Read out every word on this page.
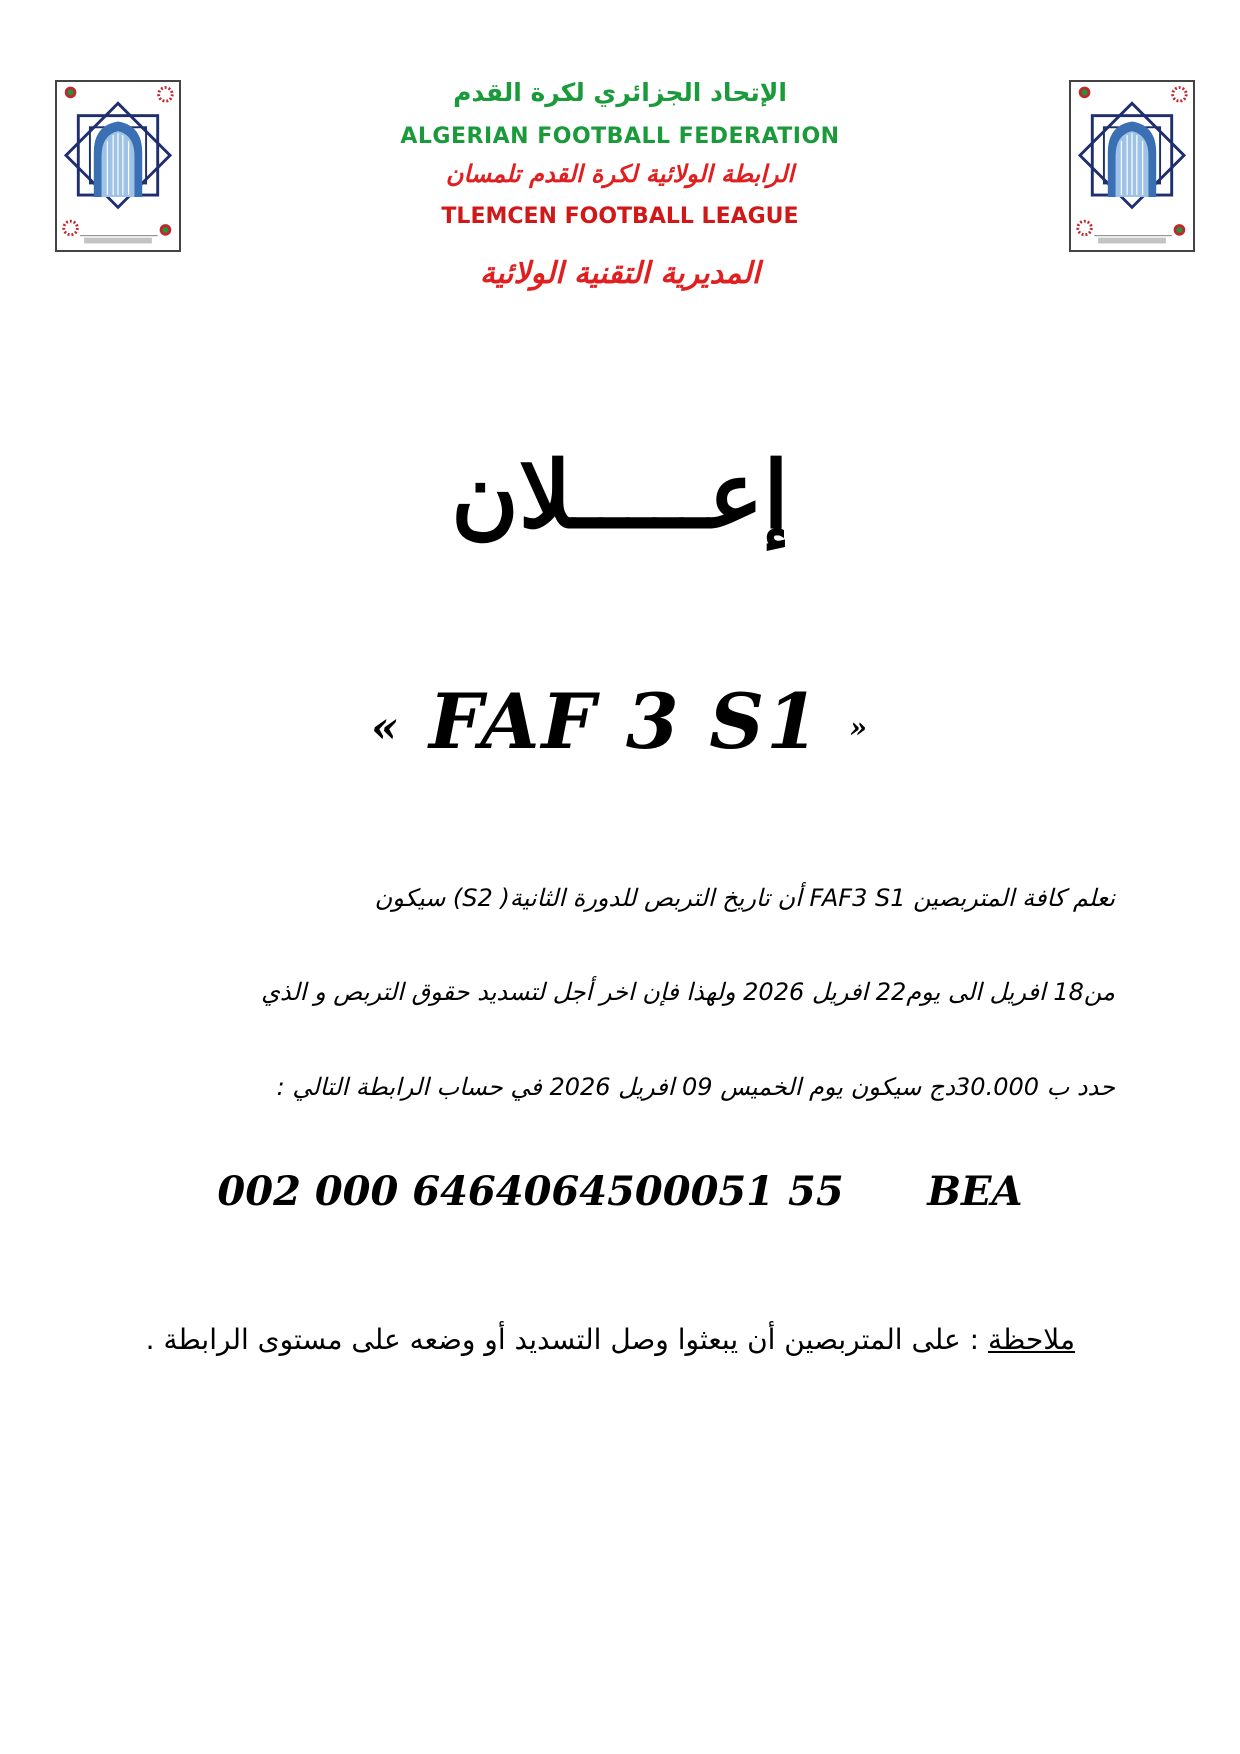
الإتحاد الجزائري لكرة القدم
ALGERIAN FOOTBALL FEDERATION
الرابطة الولائية لكرة القدم تلمسان
TLEMCEN FOOTBALL LEAGUE
المديرية التقنية الولائية
إعـــــلان
« FAF 3 S1 »
نعلم كافة المتربصين FAF3 S1 أن تاريخ التربص للدورة الثانية( S2) سيكون
من18 افريل الى يوم22 افريل 2026 ولهذا فإن اخر أجل لتسديد حقوق التربص و الذي
حدد ب 30.000دج سيكون يوم الخميس 09 افريل 2026 في حساب الرابطة التالي :
002 000 6464064500051 55 BEA
ملاحظة : على المتربصين أن يبعثوا وصل التسديد أو وضعه على مستوى الرابطة .
